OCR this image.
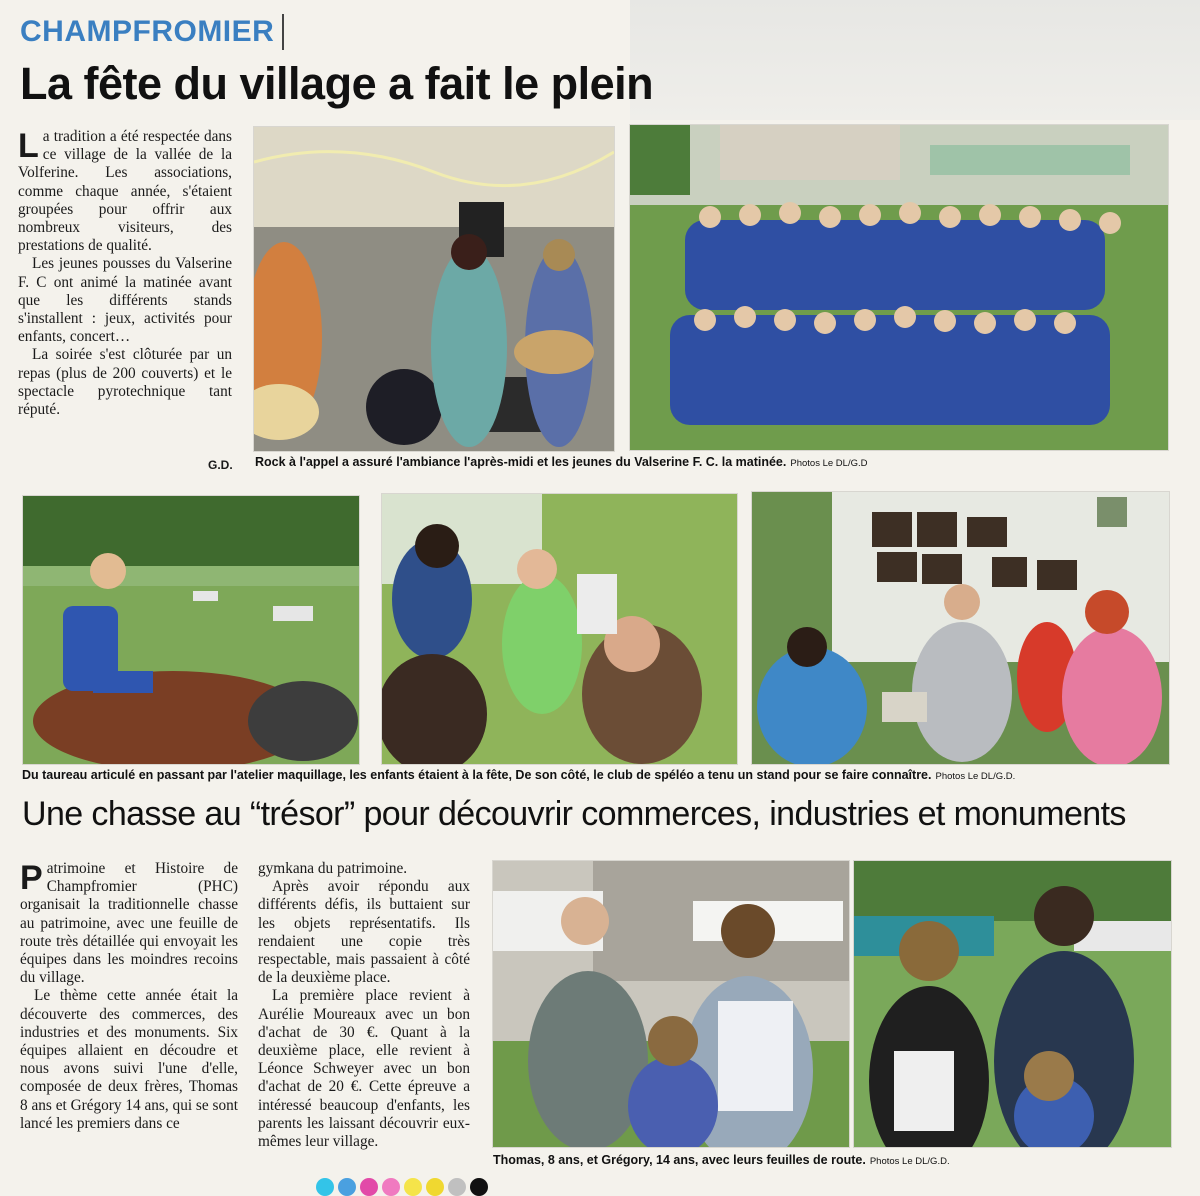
CHAMPFROMIER
La fête du village a fait le plein

La tradition a été respectée dans ce village de la vallée de la Volferine. Les associations, comme chaque année, s'étaient groupées pour offrir aux nombreux visiteurs, des prestations de qualité.

Les jeunes pousses du Valserine F. C ont animé la matinée avant que les différents stands s'installent : jeux, activités pour enfants, concert…

La soirée s'est clôturée par un repas (plus de 200 couverts) et le spectacle pyrotechnique tant réputé.

G.D. Rock à l'appel a assuré l'ambiance l'après-midi et les jeunes du Valserine F. C. la matinée. Photos Le DL/G.D
Du taureau articulé en passant par l'atelier maquillage, les enfants étaient à la fête, De son côté, le club de spéléo a tenu un stand pour se faire connaître. Photos Le DL/G.D.
Une chasse au “trésor” pour découvrir commerces, industries et monuments

Patrimoine et Histoire de Champfromier (PHC) organisait la traditionnelle chasse au patrimoine, avec une feuille de route très détaillée qui envoyait les équipes dans les moindres recoins du village.

Le thème cette année était la découverte des commerces, des industries et des monuments. Six équipes allaient en découdre et nous avons suivi l'une d'elle, composée de deux frères, Thomas 8 ans et Grégory 14 ans, qui se sont lancé les premiers dans ce

gymkana du patrimoine.

Après avoir répondu aux différents défis, ils buttaient sur les objets représentatifs. Ils rendaient une copie très respectable, mais passaient à côté de la deuxième place.

La première place revient à Aurélie Moureaux avec un bon d'achat de 30 €. Quant à la deuxième place, elle revient à Léonce Schweyer avec un bon d'achat de 20 €. Cette épreuve a intéressé beaucoup d'enfants, les parents les laissant découvrir eux-mêmes leur village.

Thomas, 8 ans, et Grégory, 14 ans, avec leurs feuilles de route. Photos Le DL/G.D.
